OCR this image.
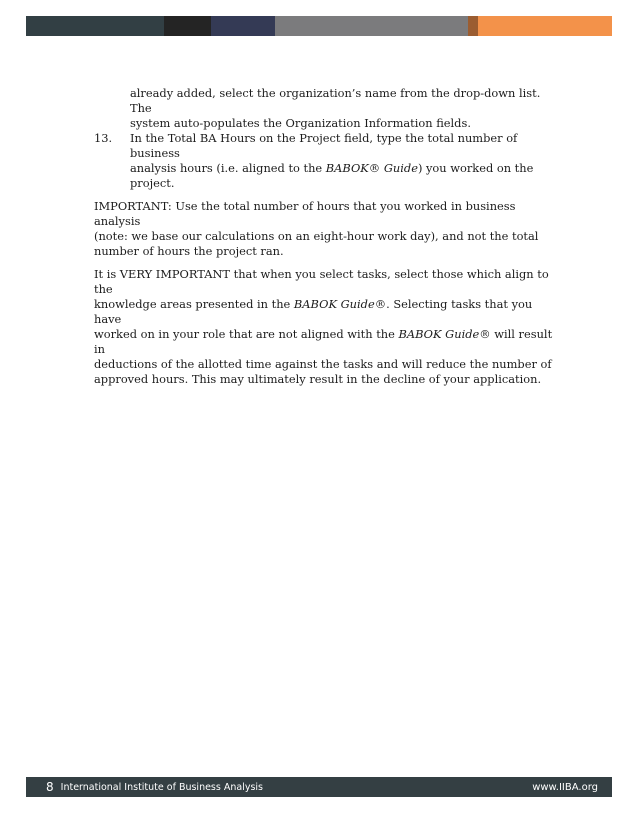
already added, select the organization’s name from the drop-down list. The

system auto-populates the Organization Information fields.

13.	In the Total BA Hours on the Project field, type the total number of business
analysis hours (i.e. aligned to the BABOK® Guide) you worked on the project.
IMPORTANT: Use the total number of hours that you worked in business analysis
(note: we base our calculations on an eight-hour work day), and not the total
number of hours the project ran.
It is VERY IMPORTANT that when you select tasks, select those which align to the
knowledge areas presented in the BABOK Guide®. Selecting tasks that you have
worked on in your role that are not aligned with the BABOK Guide® will result in
deductions of the allotted time against the tasks and will reduce the number of
approved hours. This may ultimately result in the decline of your application.
8 International Institute of Business Analysis	www.IIBA.org
